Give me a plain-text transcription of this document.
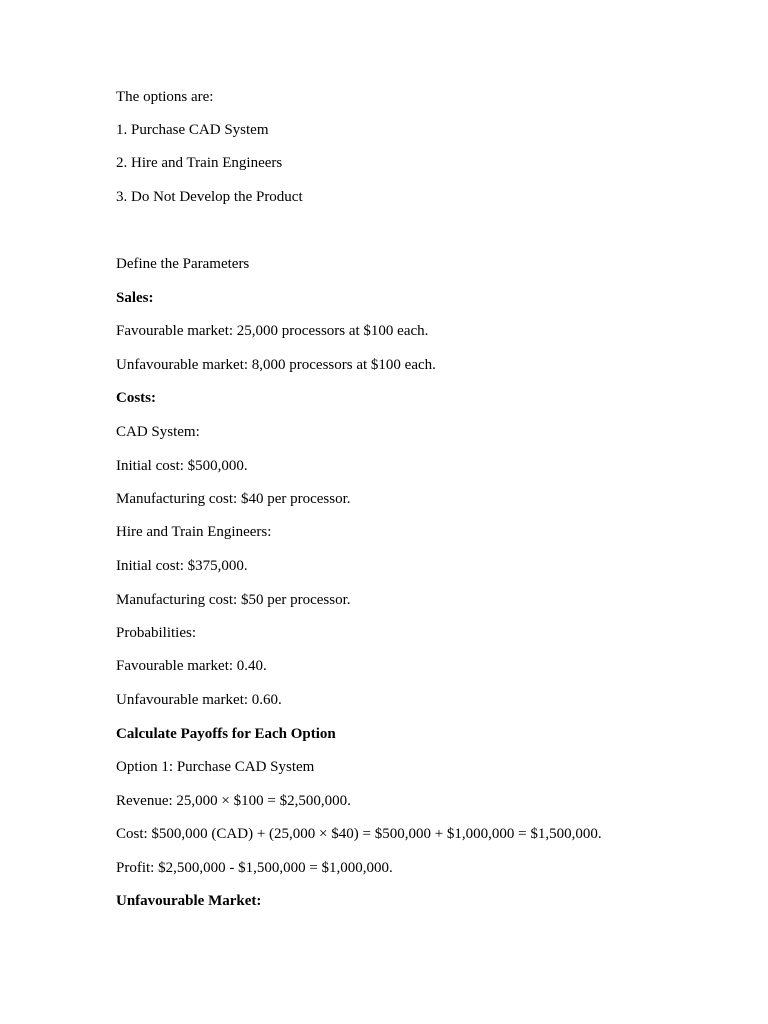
The options are:
1. Purchase CAD System
2. Hire and Train Engineers
3. Do Not Develop the Product
Define the Parameters
Sales:
Favourable market: 25,000 processors at $100 each.
Unfavourable market: 8,000 processors at $100 each.
Costs:
CAD System:
Initial cost: $500,000.
Manufacturing cost: $40 per processor.
Hire and Train Engineers:
Initial cost: $375,000.
Manufacturing cost: $50 per processor.
Probabilities:
Favourable market: 0.40.
Unfavourable market: 0.60.
Calculate Payoffs for Each Option
Option 1: Purchase CAD System
Revenue: 25,000 × $100 = $2,500,000.
Cost: $500,000 (CAD) + (25,000 × $40) = $500,000 + $1,000,000 = $1,500,000.
Profit: $2,500,000 - $1,500,000 = $1,000,000.
Unfavourable Market:
